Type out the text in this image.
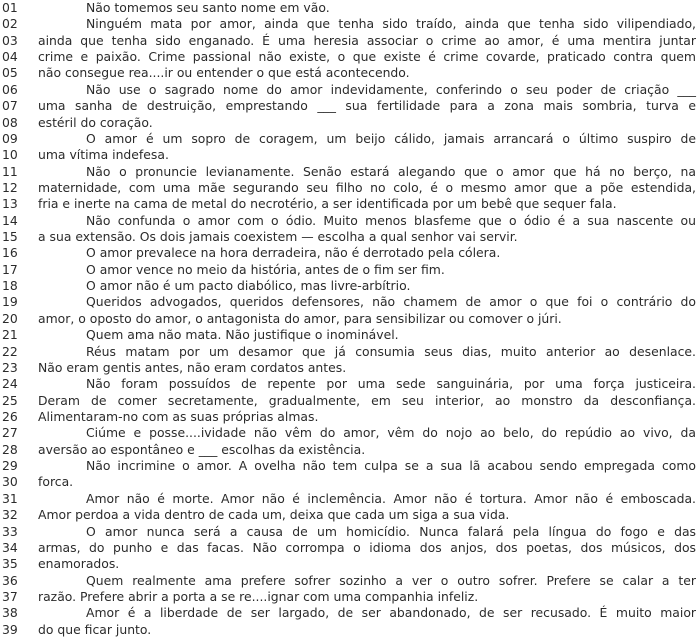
01	Não tomemos seu santo nome em vão.
02	Ninguém mata por amor, ainda que tenha sido traído, ainda que tenha sido vilipendiado,
03	ainda que tenha sido enganado. É uma heresia associar o crime ao amor, é uma mentira juntar
04	crime e paixão. Crime passional não existe, o que existe é crime covarde, praticado contra quem
05	não consegue rea....ir ou entender o que está acontecendo.
06	Não use o sagrado nome do amor indevidamente, conferindo o seu poder de criação ___
07	uma sanha de destruição, emprestando ___ sua fertilidade para a zona mais sombria, turva e
08	estéril do coração.
09	O amor é um sopro de coragem, um beijo cálido, jamais arrancará o último suspiro de
10	uma vítima indefesa.
11	Não o pronuncie levianamente. Senão estará alegando que o amor que há no berço, na
12	maternidade, com uma mãe segurando seu filho no colo, é o mesmo amor que a põe estendida,
13	fria e inerte na cama de metal do necrotério, a ser identificada por um bebê que sequer fala.
14	Não confunda o amor com o ódio. Muito menos blasfeme que o ódio é a sua nascente ou
15	a sua extensão. Os dois jamais coexistem — escolha a qual senhor vai servir.
16	O amor prevalece na hora derradeira, não é derrotado pela cólera.
17	O amor vence no meio da história, antes de o fim ser fim.
18	O amor não é um pacto diabólico, mas livre-arbítrio.
19	Queridos advogados, queridos defensores, não chamem de amor o que foi o contrário do
20	amor, o oposto do amor, o antagonista do amor, para sensibilizar ou comover o júri.
21	Quem ama não mata. Não justifique o inominável.
22	Réus matam por um desamor que já consumia seus dias, muito anterior ao desenlace.
23	Não eram gentis antes, não eram cordatos antes.
24	Não foram possuídos de repente por uma sede sanguinária, por uma força justiceira.
25	Deram de comer secretamente, gradualmente, em seu interior, ao monstro da desconfiança.
26	Alimentaram-no com as suas próprias almas.
27	Ciúme e posse....ividade não vêm do amor, vêm do nojo ao belo, do repúdio ao vivo, da
28	aversão ao espontâneo e ___ escolhas da existência.
29	Não incrimine o amor. A ovelha não tem culpa se a sua lã acabou sendo empregada como
30	forca.
31	Amor não é morte. Amor não é inclemência. Amor não é tortura. Amor não é emboscada.
32	Amor perdoa a vida dentro de cada um, deixa que cada um siga a sua vida.
33	O amor nunca será a causa de um homicídio. Nunca falará pela língua do fogo e das
34	armas, do punho e das facas. Não corrompa o idioma dos anjos, dos poetas, dos músicos, dos
35	enamorados.
36	Quem realmente ama prefere sofrer sozinho a ver o outro sofrer. Prefere se calar a ter
37	razão. Prefere abrir a porta a se re....ignar com uma companhia infeliz.
38	Amor é a liberdade de ser largado, de ser abandonado, de ser recusado. É muito maior
39	do que ficar junto.
